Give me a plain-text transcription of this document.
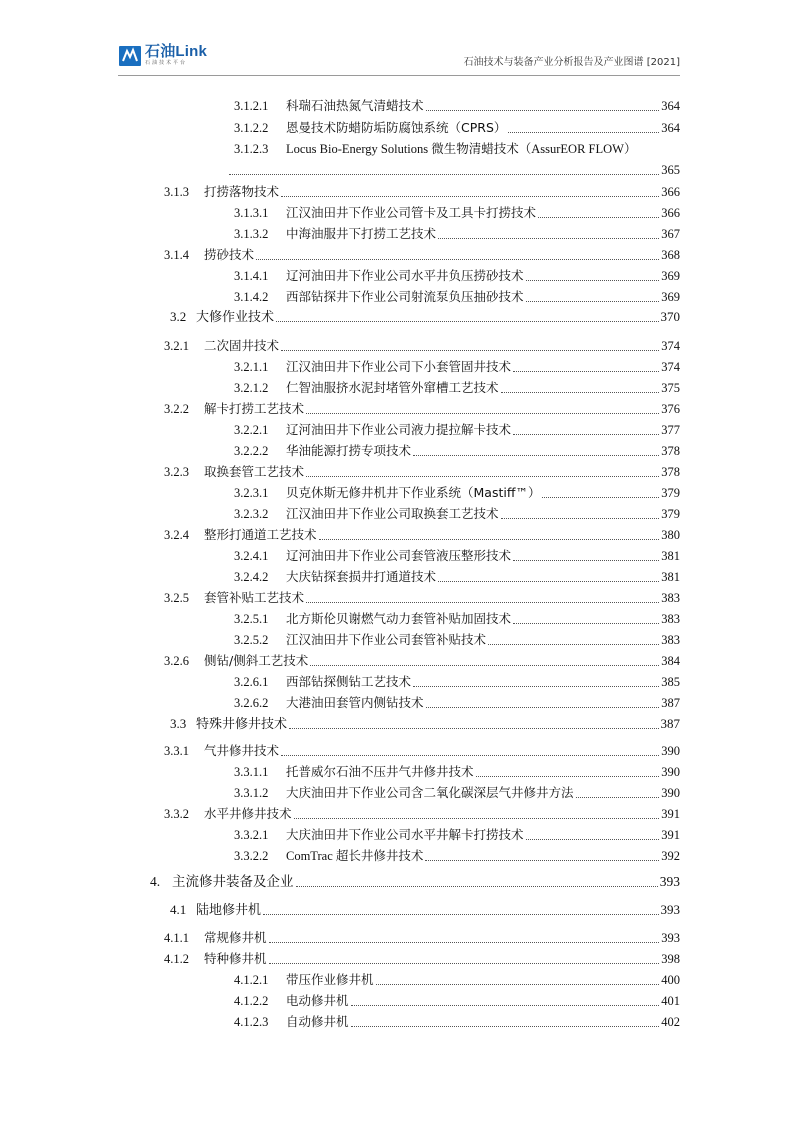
石油Link
石油技术平台	石油技术与装备产业分析报告及产业图谱 [2021]
3.1.2.1	科瑞石油热氮气清蜡技术	364
3.1.2.2	恩曼技术防蜡防垢防腐蚀系统（CPRS）	364
3.1.2.3	Locus Bio-Energy Solutions 微生物清蜡技术（AssurEOR FLOW）
365
3.1.3	打捞落物技术	366
3.1.3.1	江汉油田井下作业公司管卡及工具卡打捞技术	366
3.1.3.2	中海油服井下打捞工艺技术	367
3.1.4	捞砂技术	368
3.1.4.1	辽河油田井下作业公司水平井负压捞砂技术	369
3.1.4.2	西部钻探井下作业公司射流泵负压抽砂技术	369
3.2 大修作业技术	370
3.2.1	二次固井技术	374
3.2.1.1	江汉油田井下作业公司下小套管固井技术	374
3.2.1.2	仁智油服挤水泥封堵管外窜槽工艺技术	375
3.2.2	解卡打捞工艺技术	376
3.2.2.1	辽河油田井下作业公司液力提拉解卡技术	377
3.2.2.2	华油能源打捞专项技术	378
3.2.3	取换套管工艺技术	378
3.2.3.1	贝克休斯无修井机井下作业系统（Mastiff™）	379
3.2.3.2	江汉油田井下作业公司取换套工艺技术	379
3.2.4	整形打通道工艺技术	380
3.2.4.1	辽河油田井下作业公司套管液压整形技术	381
3.2.4.2	大庆钻探套损井打通道技术	381
3.2.5	套管补贴工艺技术	383
3.2.5.1	北方斯伦贝谢燃气动力套管补贴加固技术	383
3.2.5.2	江汉油田井下作业公司套管补贴技术	383
3.2.6	侧钻/侧斜工艺技术	384
3.2.6.1	西部钻探侧钻工艺技术	385
3.2.6.2	大港油田套管内侧钻技术	387
3.3 特殊井修井技术	387
3.3.1	气井修井技术	390
3.3.1.1	托普威尔石油不压井气井修井技术	390
3.3.1.2	大庆油田井下作业公司含二氧化碳深层气井修井方法	390
3.3.2	水平井修井技术	391
3.3.2.1	大庆油田井下作业公司水平井解卡打捞技术	391
3.3.2.2	ComTrac 超长井修井技术	392
4. 主流修井装备及企业	393
4.1 陆地修井机	393
4.1.1	常规修井机	393
4.1.2	特种修井机	398
4.1.2.1	带压作业修井机	400
4.1.2.2	电动修井机	401
4.1.2.3	自动修井机	402
